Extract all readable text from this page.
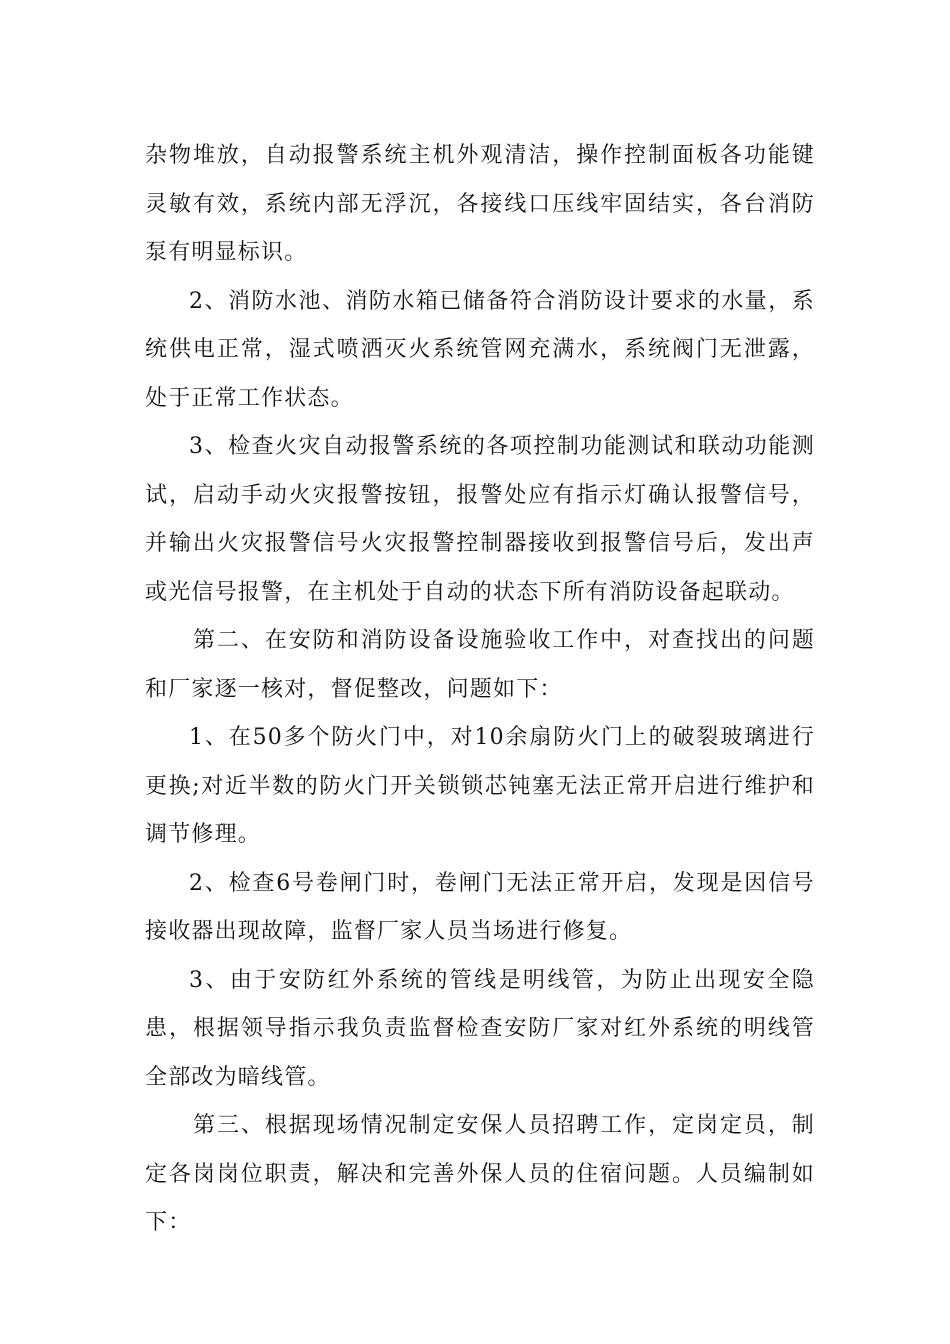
杂物堆放，自动报警系统主机外观清洁，操作控制面板各功能键灵敏有效，系统内部无浮沉，各接线口压线牢固结实，各台消防泵有明显标识。

2、消防水池、消防水箱已储备符合消防设计要求的水量，系统供电正常，湿式喷洒灭火系统管网充满水，系统阀门无泄露，处于正常工作状态。

3、检查火灾自动报警系统的各项控制功能测试和联动功能测试，启动手动火灾报警按钮，报警处应有指示灯确认报警信号，并输出火灾报警信号火灾报警控制器接收到报警信号后，发出声或光信号报警，在主机处于自动的状态下所有消防设备起联动。

第二、在安防和消防设备设施验收工作中，对查找出的问题和厂家逐一核对，督促整改，问题如下：

1、在50多个防火门中，对10余扇防火门上的破裂玻璃进行更换;对近半数的防火门开关锁锁芯钝塞无法正常开启进行维护和调节修理。

2、检查6号卷闸门时，卷闸门无法正常开启，发现是因信号接收器出现故障，监督厂家人员当场进行修复。

3、由于安防红外系统的管线是明线管，为防止出现安全隐患，根据领导指示我负责监督检查安防厂家对红外系统的明线管全部改为暗线管。

第三、根据现场情况制定安保人员招聘工作，定岗定员，制定各岗岗位职责，解决和完善外保人员的住宿问题。人员编制如下：
